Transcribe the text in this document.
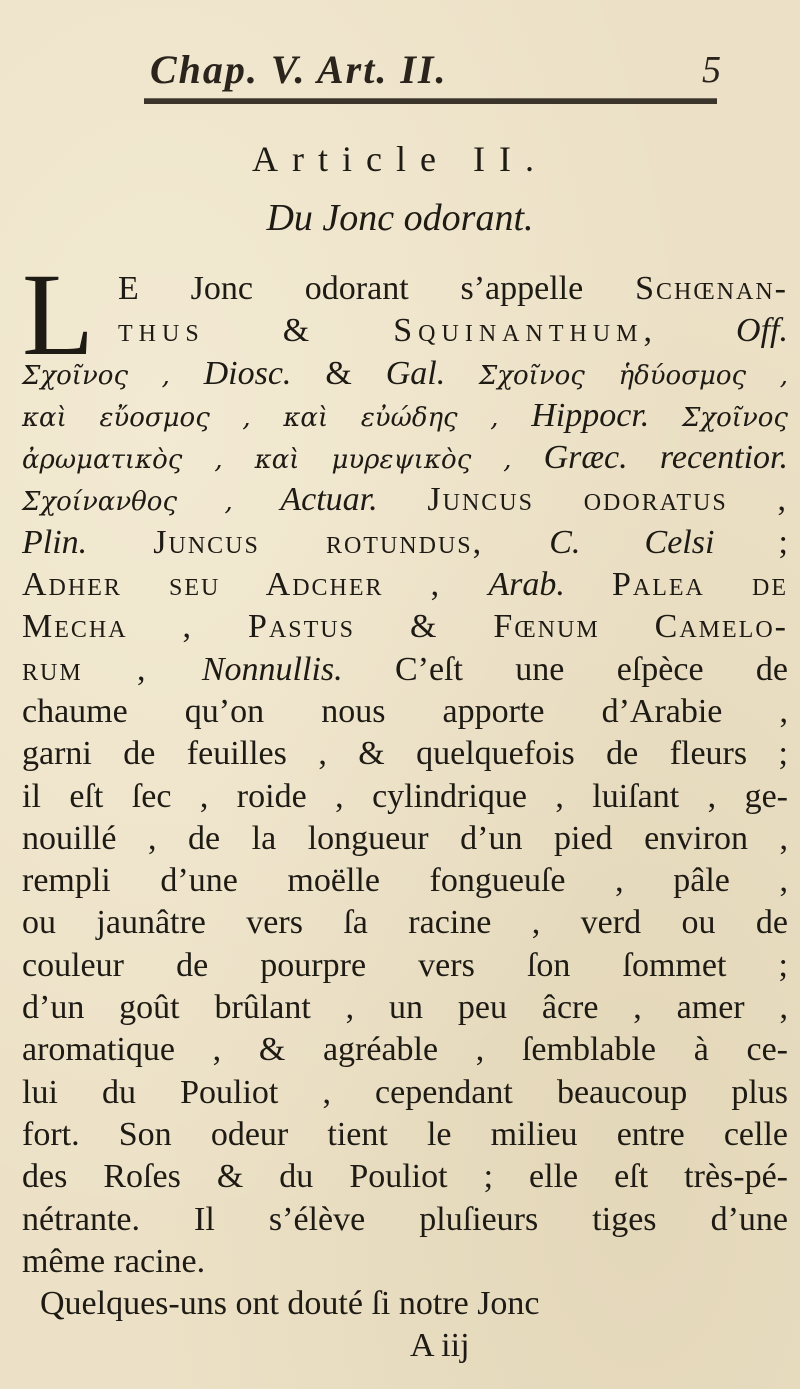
Chap. V. Art. II.	5
Article II.
Du Jonc odorant.
L E Jonc odorant s’appelle Schœnan-
thus & Squinanthum, Off.
Σχοῖνος , Diosc. & Gal. Σχοῖνος ἡδύοσμος ,
καὶ εὔοσμος , καὶ εὐώδης , Hippocr. Σχοῖνος
ἀρωματικὸς , καὶ μυρεψικὸς , Græc. recentior.
Σχοίνανθος , Actuar. Juncus odoratus ,
Plin. Juncus rotundus, C. Celsi ;
Adher seu Adcher , Arab. Palea de
Mecha , Pastus & Fœnum Camelo-
rum , Nonnullis. C’eſt une eſpèce de
chaume qu’on nous apporte d’Arabie ,
garni de feuilles , & quelquefois de fleurs ;
il eſt ſec , roide , cylindrique , luiſant , ge-
nouillé , de la longueur d’un pied environ ,
rempli d’une moëlle fongueuſe , pâle ,
ou jaunâtre vers ſa racine , verd ou de
couleur de pourpre vers ſon ſommet ;
d’un goût brûlant , un peu âcre , amer ,
aromatique , & agréable , ſemblable à ce-
lui du Pouliot , cependant beaucoup plus
fort. Son odeur tient le milieu entre celle
des Roſes & du Pouliot ; elle eſt très-pé-
nétrante. Il s’élève pluſieurs tiges d’une
même racine.
Quelques-uns ont douté ſi notre Jonc
A iij
